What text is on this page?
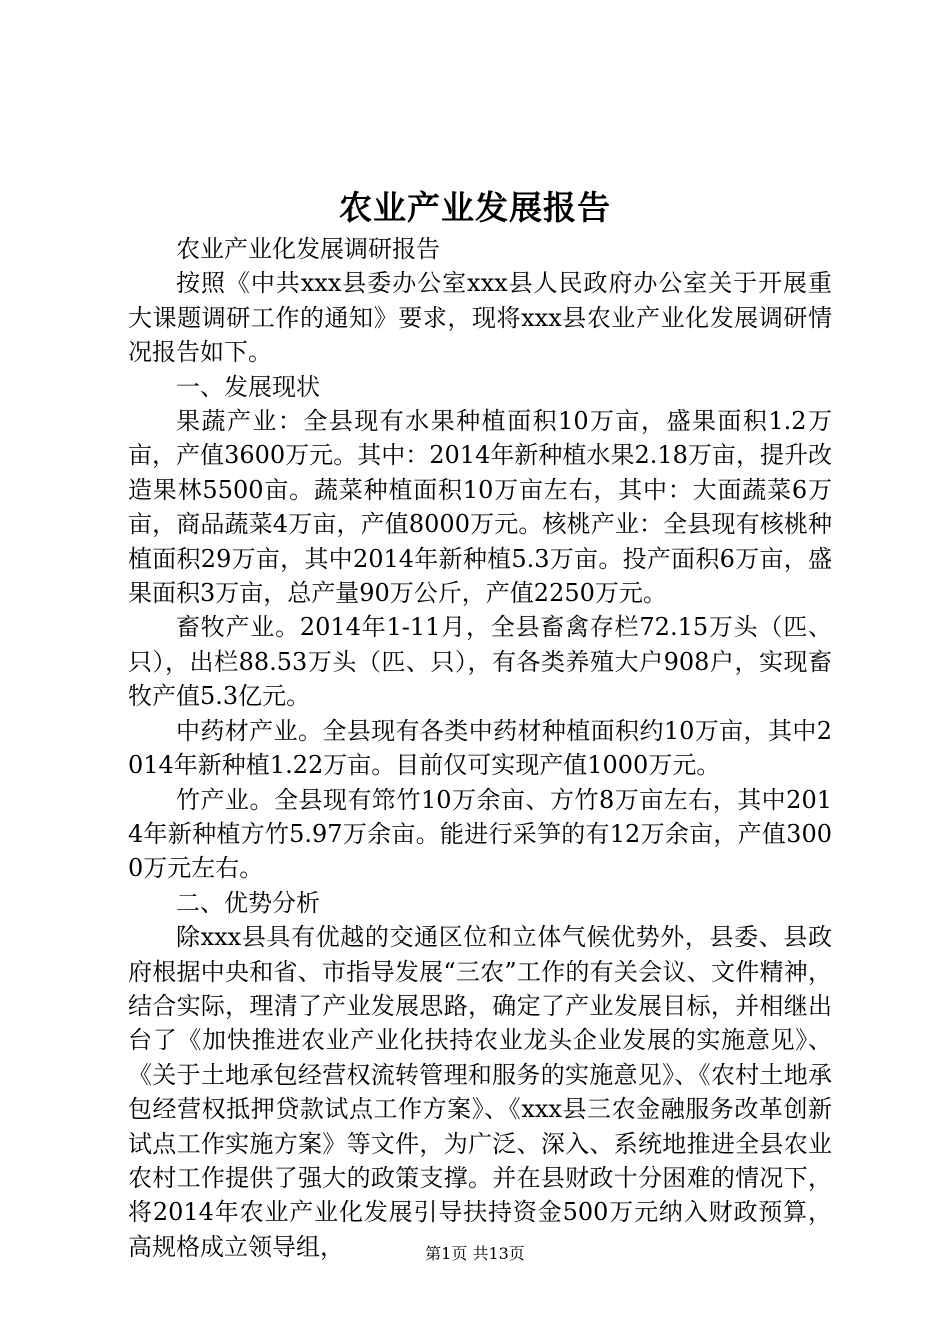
农业产业发展报告

农业产业化发展调研报告

按照《中共xxx县委办公室xxx县人民政府办公室关于开展重大课题调研工作的通知》要求，现将xxx县农业产业化发展调研情况报告如下。

一、发展现状

果蔬产业：全县现有水果种植面积10万亩，盛果面积1.2万亩，产值3600万元。其中：2014年新种植水果2.18万亩，提升改造果林5500亩。蔬菜种植面积10万亩左右，其中：大面蔬菜6万亩，商品蔬菜4万亩，产值8000万元。核桃产业：全县现有核桃种植面积29万亩，其中2014年新种植5.3万亩。投产面积6万亩，盛果面积3万亩，总产量90万公斤，产值2250万元。

畜牧产业。2014年1-11月，全县畜禽存栏72.15万头（匹、只），出栏88.53万头（匹、只），有各类养殖大户908户，实现畜牧产值5.3亿元。

中药材产业。全县现有各类中药材种植面积约10万亩，其中2014年新种植1.22万亩。目前仅可实现产值1000万元。

竹产业。全县现有筇竹10万余亩、方竹8万亩左右，其中2014年新种植方竹5.97万余亩。能进行采笋的有12万余亩，产值3000万元左右。

二、优势分析

除xxx县具有优越的交通区位和立体气候优势外，县委、县政府根据中央和省、市指导发展“三农”工作的有关会议、文件精神，结合实际，理清了产业发展思路，确定了产业发展目标，并相继出台了《加快推进农业产业化扶持农业龙头企业发展的实施意见》、《关于土地承包经营权流转管理和服务的实施意见》、《农村土地承包经营权抵押贷款试点工作方案》、《xxx县三农金融服务改革创新试点工作实施方案》等文件，为广泛、深入、系统地推进全县农业农村工作提供了强大的政策支撑。并在县财政十分困难的情况下，将2014年农业产业化发展引导扶持资金500万元纳入财政预算，高规格成立领导组，	第1页 共13页
